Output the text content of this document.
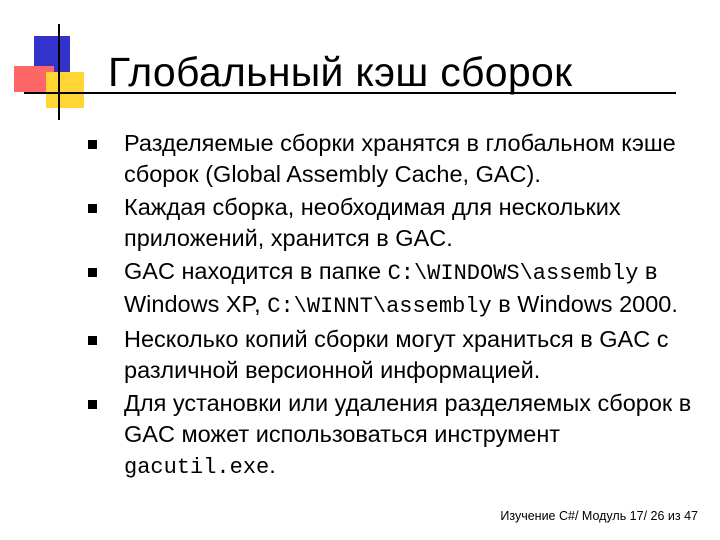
Глобальный кэш сборок
Разделяемые сборки хранятся в глобальном кэше сборок (Global Assembly Cache, GAC).
Каждая сборка, необходимая для нескольких приложений, хранится в GAC.
GAC находится в папке C:\WINDOWS\assembly в Windows XP, C:\WINNT\assembly в Windows 2000.
Несколько копий сборки могут храниться в GAC с различной версионной информацией.
Для установки или удаления разделяемых сборок в GAC может использоваться инструмент gacutil.exe.
Изучение C#/ Модуль 17/ 26 из 47
